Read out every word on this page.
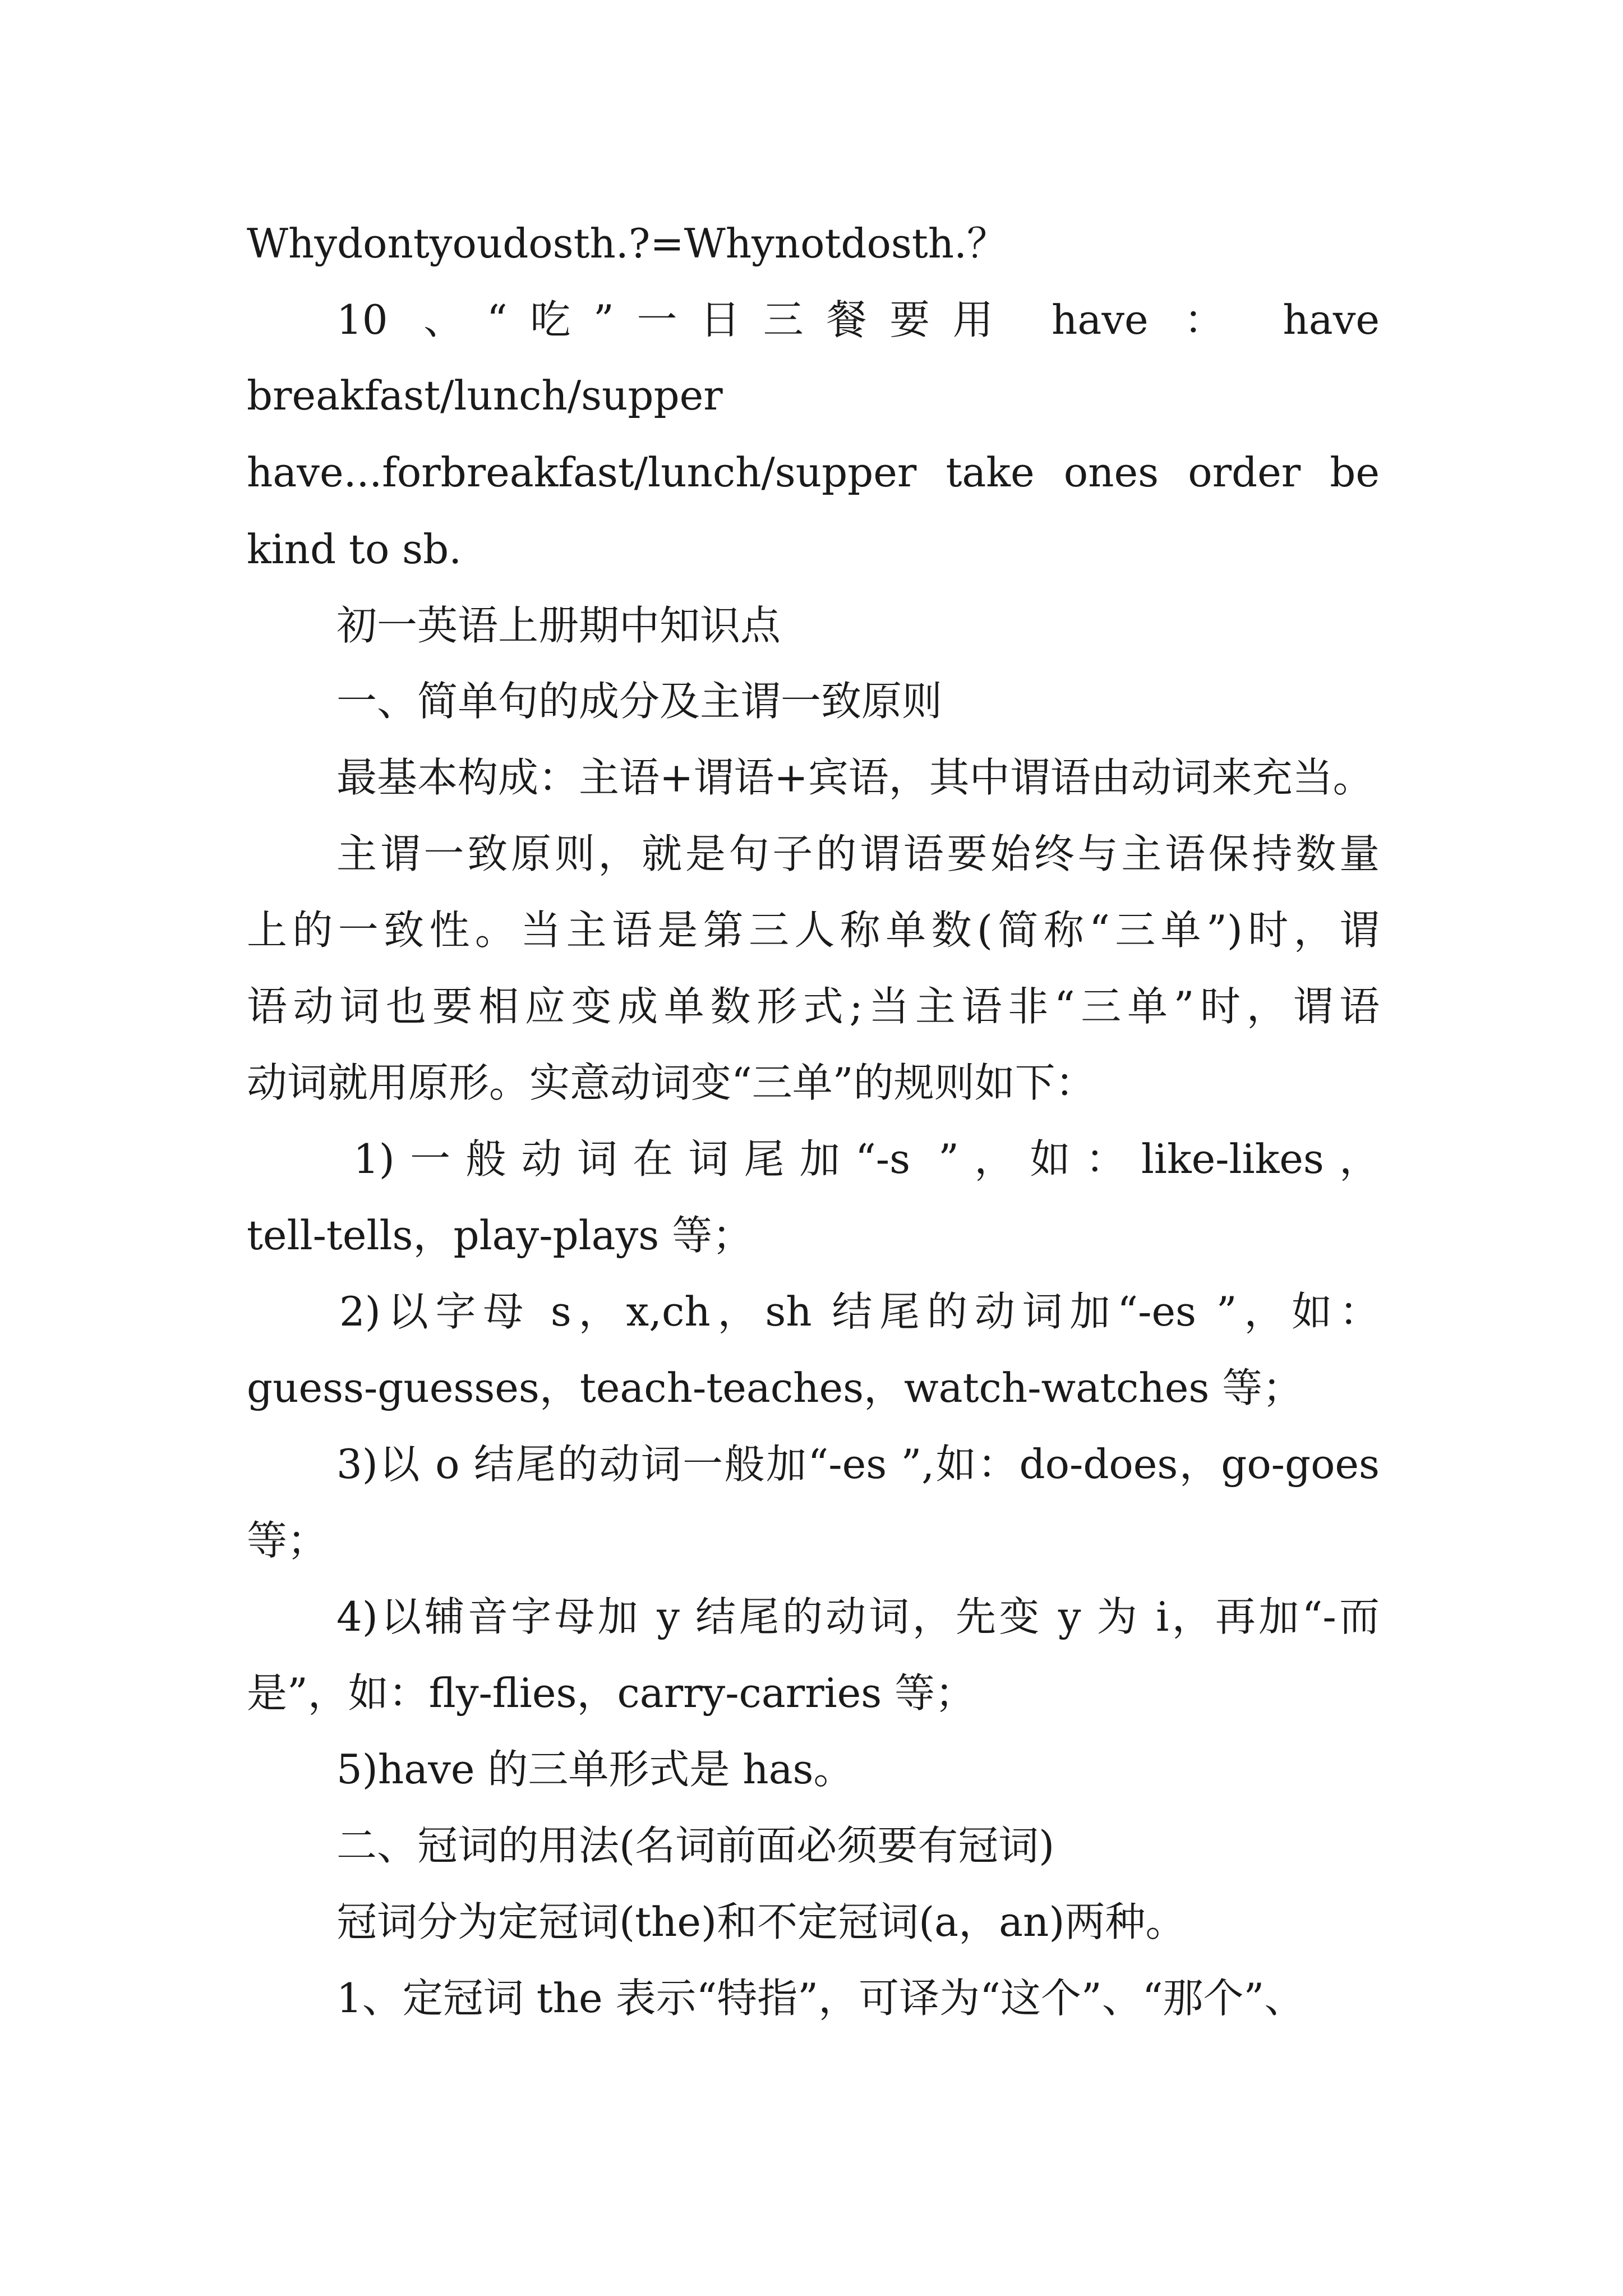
Whydontyoudosth.?=Whynotdosth.？
10 、“吃”一日三餐要用 have ： have
breakfast/lunch/supper
have...forbreakfast/lunch/supper take ones order be
kind to sb.
初一英语上册期中知识点
一、简单句的成分及主谓一致原则
最基本构成：主语+谓语+宾语，其中谓语由动词来充当。
主谓一致原则，就是句子的谓语要始终与主语保持数量
上的一致性。当主语是第三人称单数(简称“三单”)时，谓
语动词也要相应变成单数形式;当主语非“三单”时，谓语
动词就用原形。实意动词变“三单”的规则如下：
1)一般动词在词尾加“-s ”，如：like-likes，
tell-tells，play-plays 等；
2)以字母 s，x,ch，sh 结尾的动词加“-es ”，如：
guess-guesses，teach-teaches，watch-watches 等；
3)以 o 结尾的动词一般加“-es ”,如：do-does，go-goes
等；
4)以辅音字母加 y 结尾的动词，先变 y 为 i，再加“-而
是”，如：fly-flies，carry-carries 等；
5)have 的三单形式是 has。
二、冠词的用法(名词前面必须要有冠词)
冠词分为定冠词(the)和不定冠词(a，an)两种。
1、定冠词 the 表示“特指”，可译为“这个”、“那个”、
